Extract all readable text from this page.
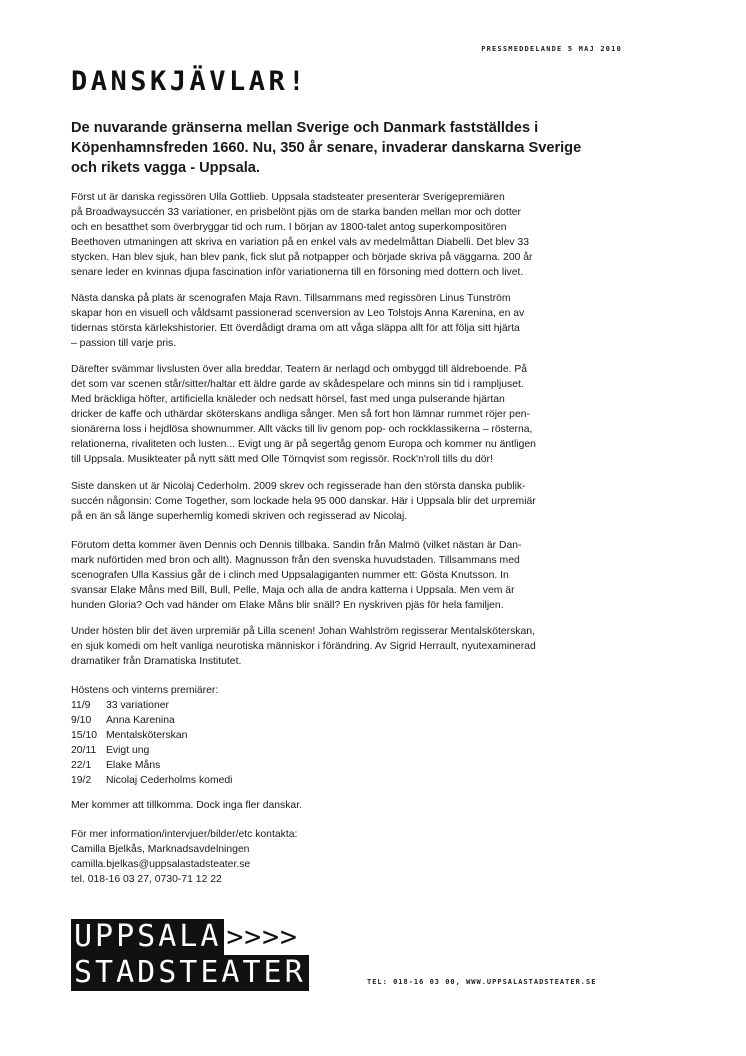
PRESSMEDDELANDE 5 MAJ 2010
DANSKJÄVLAR!

De nuvarande gränserna mellan Sverige och Danmark fastställdes i Köpenhamnsfreden 1660. Nu, 350 år senare, invaderar danskarna Sverige och rikets vagga - Uppsala.

Först ut är danska regissören Ulla Gottlieb. Uppsala stadsteater presenterar Sverigepremiären

på Broadwaysuccén 33 variationer, en prisbelönt pjäs om de starka banden mellan mor och dotter

och en besatthet som överbryggar tid och rum. I början av 1800-talet antog superkompositören

Beethoven utmaningen att skriva en variation på en enkel vals av medelmåttan Diabelli. Det blev 33

stycken. Han blev sjuk, han blev pank, fick slut på notpapper och började skriva på väggarna. 200 år

senare leder en kvinnas djupa fascination inför variationerna till en försoning med dottern och livet.

Nästa danska på plats är scenografen Maja Ravn. Tillsammans med regissören Linus Tunström

skapar hon en visuell och våldsamt passionerad scenversion av Leo Tolstojs Anna Karenina, en av

tidernas största kärlekshistorier. Ett överdådigt drama om att våga släppa allt för att följa sitt hjärta

– passion till varje pris.

Därefter svämmar livslusten över alla breddar. Teatern är nerlagd och ombyggd till äldreboende. På

det som var scenen står/sitter/haltar ett äldre garde av skådespelare och minns sin tid i rampljuset.

Med bräckliga höfter, artificiella knäleder och nedsatt hörsel, fast med unga pulserande hjärtan

dricker de kaffe och uthärdar sköterskans andliga sånger. Men så fort hon lämnar rummet röjer pen-

sionärerna loss i hejdlösa shownummer. Allt väcks till liv genom pop- och rockklassikerna – rösterna,

relationerna, rivaliteten och lusten... Evigt ung är på segertåg genom Europa och kommer nu äntligen

till Uppsala. Musikteater på nytt sätt med Olle Törnqvist som regissör. Rock'n'roll tills du dör!

Siste dansken ut är Nicolaj Cederholm. 2009 skrev och regisserade han den största danska publik-

succén någonsin: Come Together, som lockade hela 95 000 danskar. Här i Uppsala blir det urpremiär

på en än så länge superhemlig komedi skriven och regisserad av Nicolaj.

Förutom detta kommer även Dennis och Dennis tillbaka. Sandin från Malmö (vilket nästan är Dan-

mark nuförtiden med bron och allt). Magnusson från den svenska huvudstaden. Tillsammans med

scenografen Ulla Kassius går de i clinch med Uppsalagiganten nummer ett: Gösta Knutsson. In

svansar Elake Måns med Bill, Bull, Pelle, Maja och alla de andra katterna i Uppsala. Men vem är

hunden Gloria? Och vad händer om Elake Måns blir snäll? En nyskriven pjäs för hela familjen.

Under hösten blir det även urpremiär på Lilla scenen! Johan Wahlström regisserar Mentalsköterskan,

en sjuk komedi om helt vanliga neurotiska människor i förändring. Av Sigrid Herrault, nyutexaminerad

dramatiker från Dramatiska Institutet.

Höstens och vinterns premiärer:

11/9	33 variationer
9/10	Anna Karenina
15/10 Mentalsköterskan
20/11 Evigt ung
22/1	Elake Måns
19/2	Nicolaj Cederholms komedi

Mer kommer att tillkomma. Dock inga fler danskar.

För mer information/intervjuer/bilder/etc kontakta:

Camilla Bjelkås, Marknadsavdelningen

camilla.bjelkas@uppsalastadsteater.se

tel. 018-16 03 27, 0730-71 12 22

UPPSALA >>>>
STADSTEATER	TEL: 018-16 03 00, WWW.UPPSALASTADSTEATER.SE
